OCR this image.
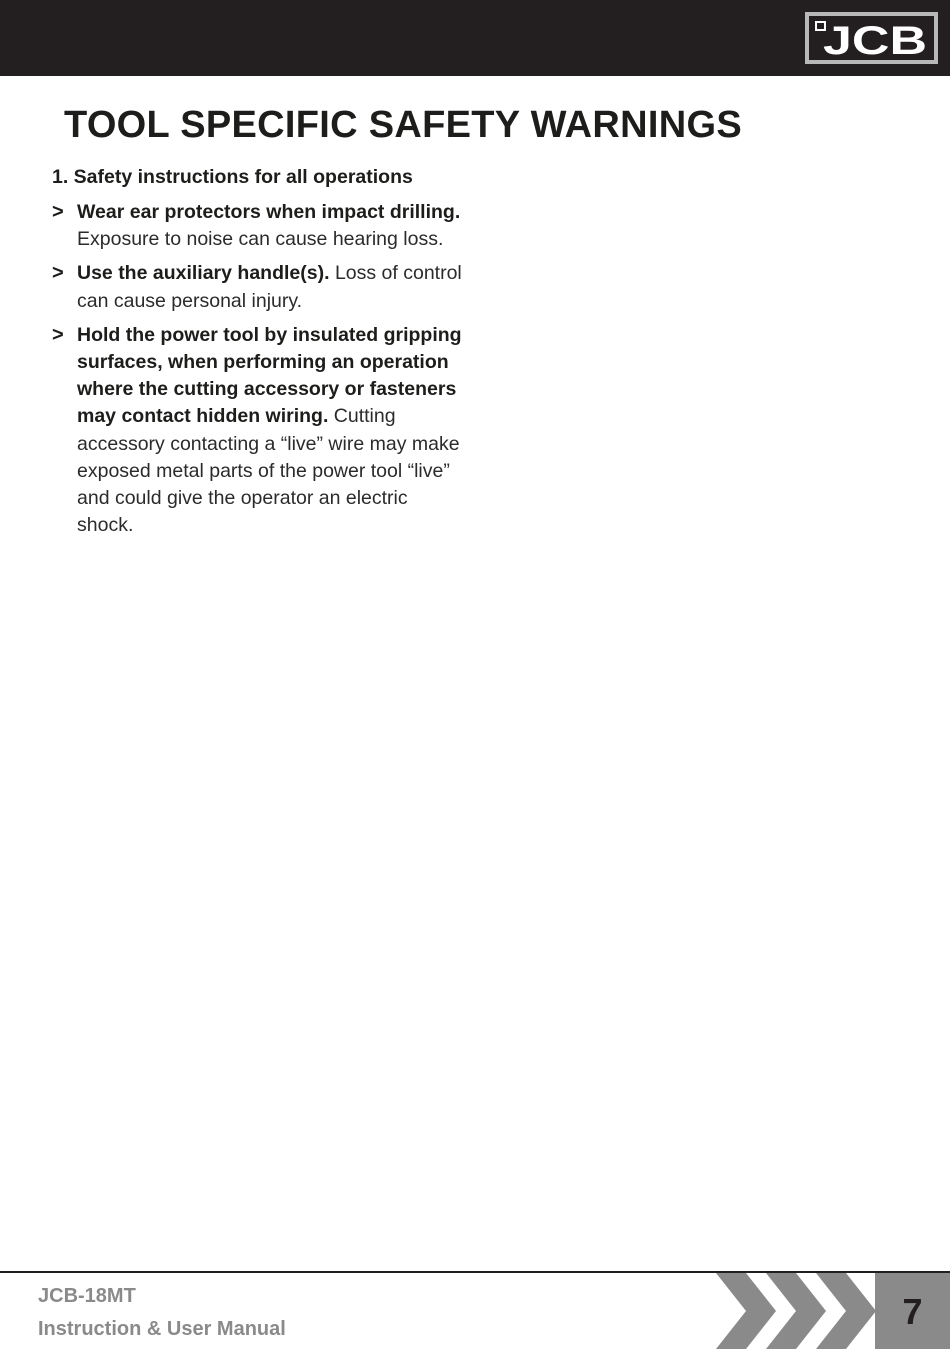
JCB
TOOL SPECIFIC SAFETY WARNINGS
1. Safety instructions for all operations
> Wear ear protectors when impact drilling. Exposure to noise can cause hearing loss.
> Use the auxiliary handle(s). Loss of control can cause personal injury.
> Hold the power tool by insulated gripping surfaces, when performing an operation where the cutting accessory or fasteners may contact hidden wiring. Cutting accessory contacting a “live” wire may make exposed metal parts of the power tool “live” and could give the operator an electric shock.

JCB-18MT

Instruction & User Manual	7
